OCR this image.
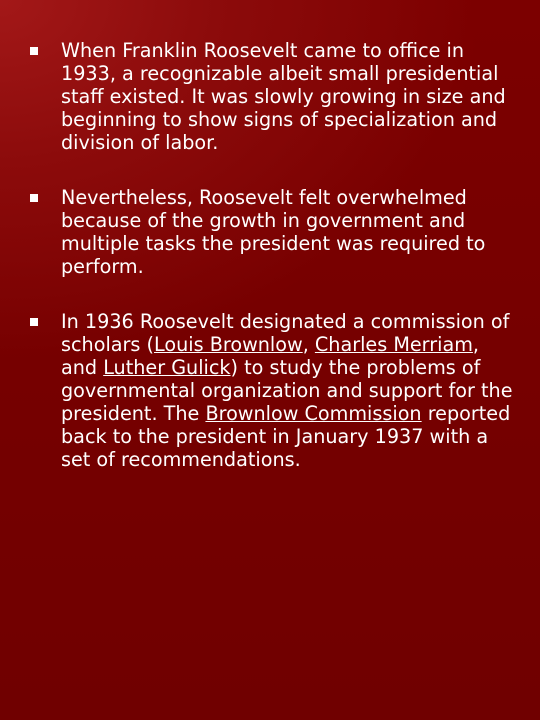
When Franklin Roosevelt came to office in 1933, a recognizable albeit small presidential staff existed. It was slowly growing in size and beginning to show signs of specialization and division of labor.
Nevertheless, Roosevelt felt overwhelmed because of the growth in government and multiple tasks the president was required to perform.
In 1936 Roosevelt designated a commission of scholars (Louis Brownlow, Charles Merriam, and Luther Gulick) to study the problems of governmental organization and support for the president. The Brownlow Commission reported back to the president in January 1937 with a set of recommendations.
